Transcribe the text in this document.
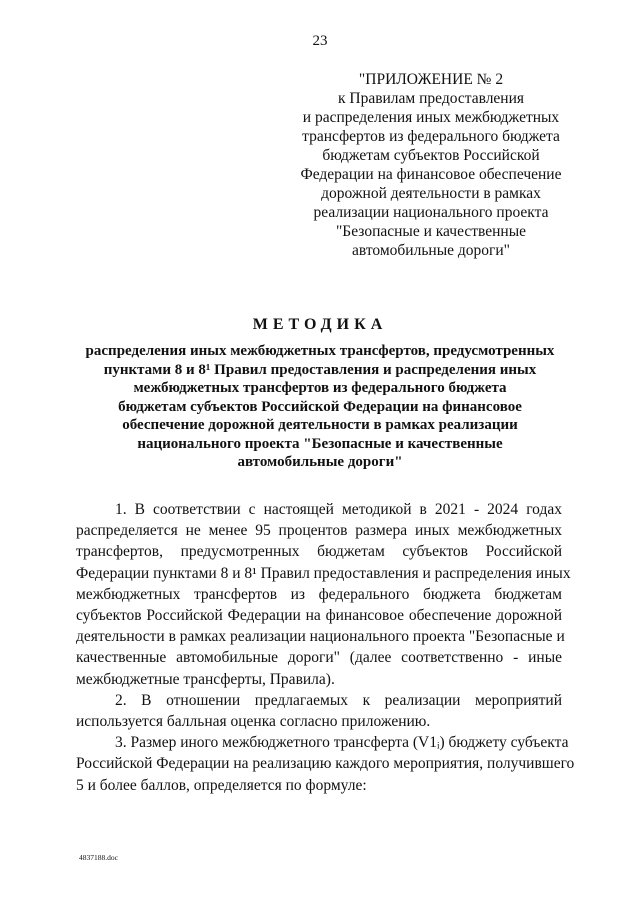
23
"ПРИЛОЖЕНИЕ № 2
к Правилам предоставления
и распределения иных межбюджетных
трансфертов из федерального бюджета
бюджетам субъектов Российской
Федерации на финансовое обеспечение
дорожной деятельности в рамках
реализации национального проекта
"Безопасные и качественные
автомобильные дороги"
МЕТОДИКА
распределения иных межбюджетных трансфертов, предусмотренных
пунктами 8 и 8¹ Правил предоставления и распределения иных
межбюджетных трансфертов из федерального бюджета
бюджетам субъектов Российской Федерации на финансовое
обеспечение дорожной деятельности в рамках реализации
национального проекта "Безопасные и качественные
автомобильные дороги"
1. В соответствии с настоящей методикой в 2021 - 2024 годах
распределяется не менее 95 процентов размера иных межбюджетных
трансфертов, предусмотренных бюджетам субъектов Российской
Федерации пунктами 8 и 8¹ Правил предоставления и распределения иных
межбюджетных трансфертов из федерального бюджета бюджетам
субъектов Российской Федерации на финансовое обеспечение дорожной
деятельности в рамках реализации национального проекта "Безопасные и
качественные автомобильные дороги" (далее соответственно - иные
межбюджетные трансферты, Правила).
2. В отношении предлагаемых к реализации мероприятий
используется балльная оценка согласно приложению.
3. Размер иного межбюджетного трансферта (V1ᵢ) бюджету субъекта
Российской Федерации на реализацию каждого мероприятия, получившего
5 и более баллов, определяется по формуле:
4837188.doc
